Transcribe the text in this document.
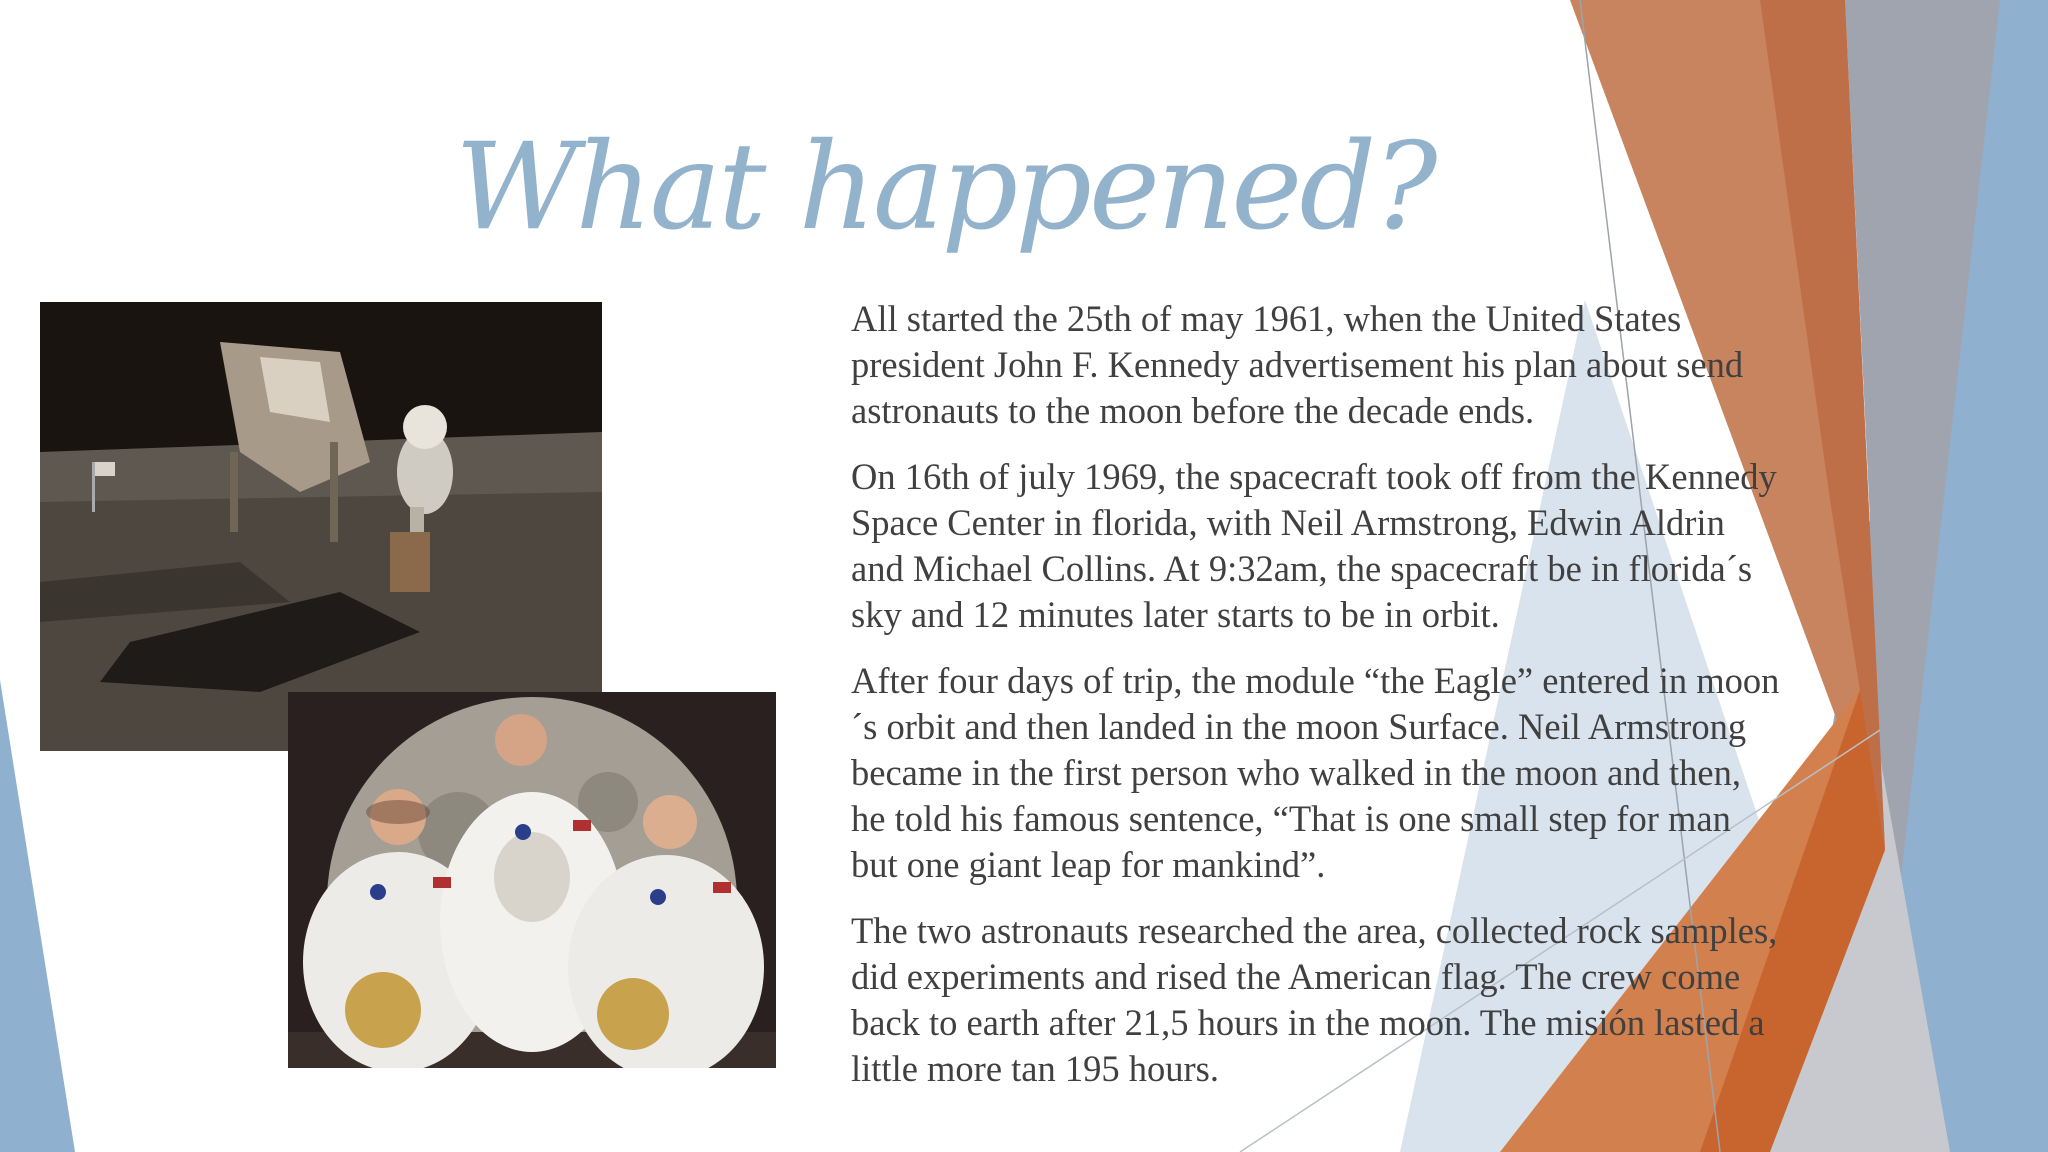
What happened?

All started the 25th of may 1961, when the United States president John F. Kennedy advertisement his plan about send astronauts to the moon before the decade ends.

On 16th of july 1969, the spacecraft took off from the Kennedy Space Center in florida, with Neil Armstrong, Edwin Aldrin and Michael Collins. At 9:32am, the spacecraft be in florida´s sky and 12 minutes later starts to be in orbit.

After four days of trip, the module “the Eagle” entered in moon´s orbit and then landed in the moon Surface. Neil Armstrong became in the first person who walked in the moon and then, he told his famous sentence, “That is one small step for man but one giant leap for mankind”.

The two astronauts researched the area, collected rock samples, did experiments and rised the American flag. The crew come back to earth after 21,5 hours in the moon. The misión lasted a little more tan 195 hours.
